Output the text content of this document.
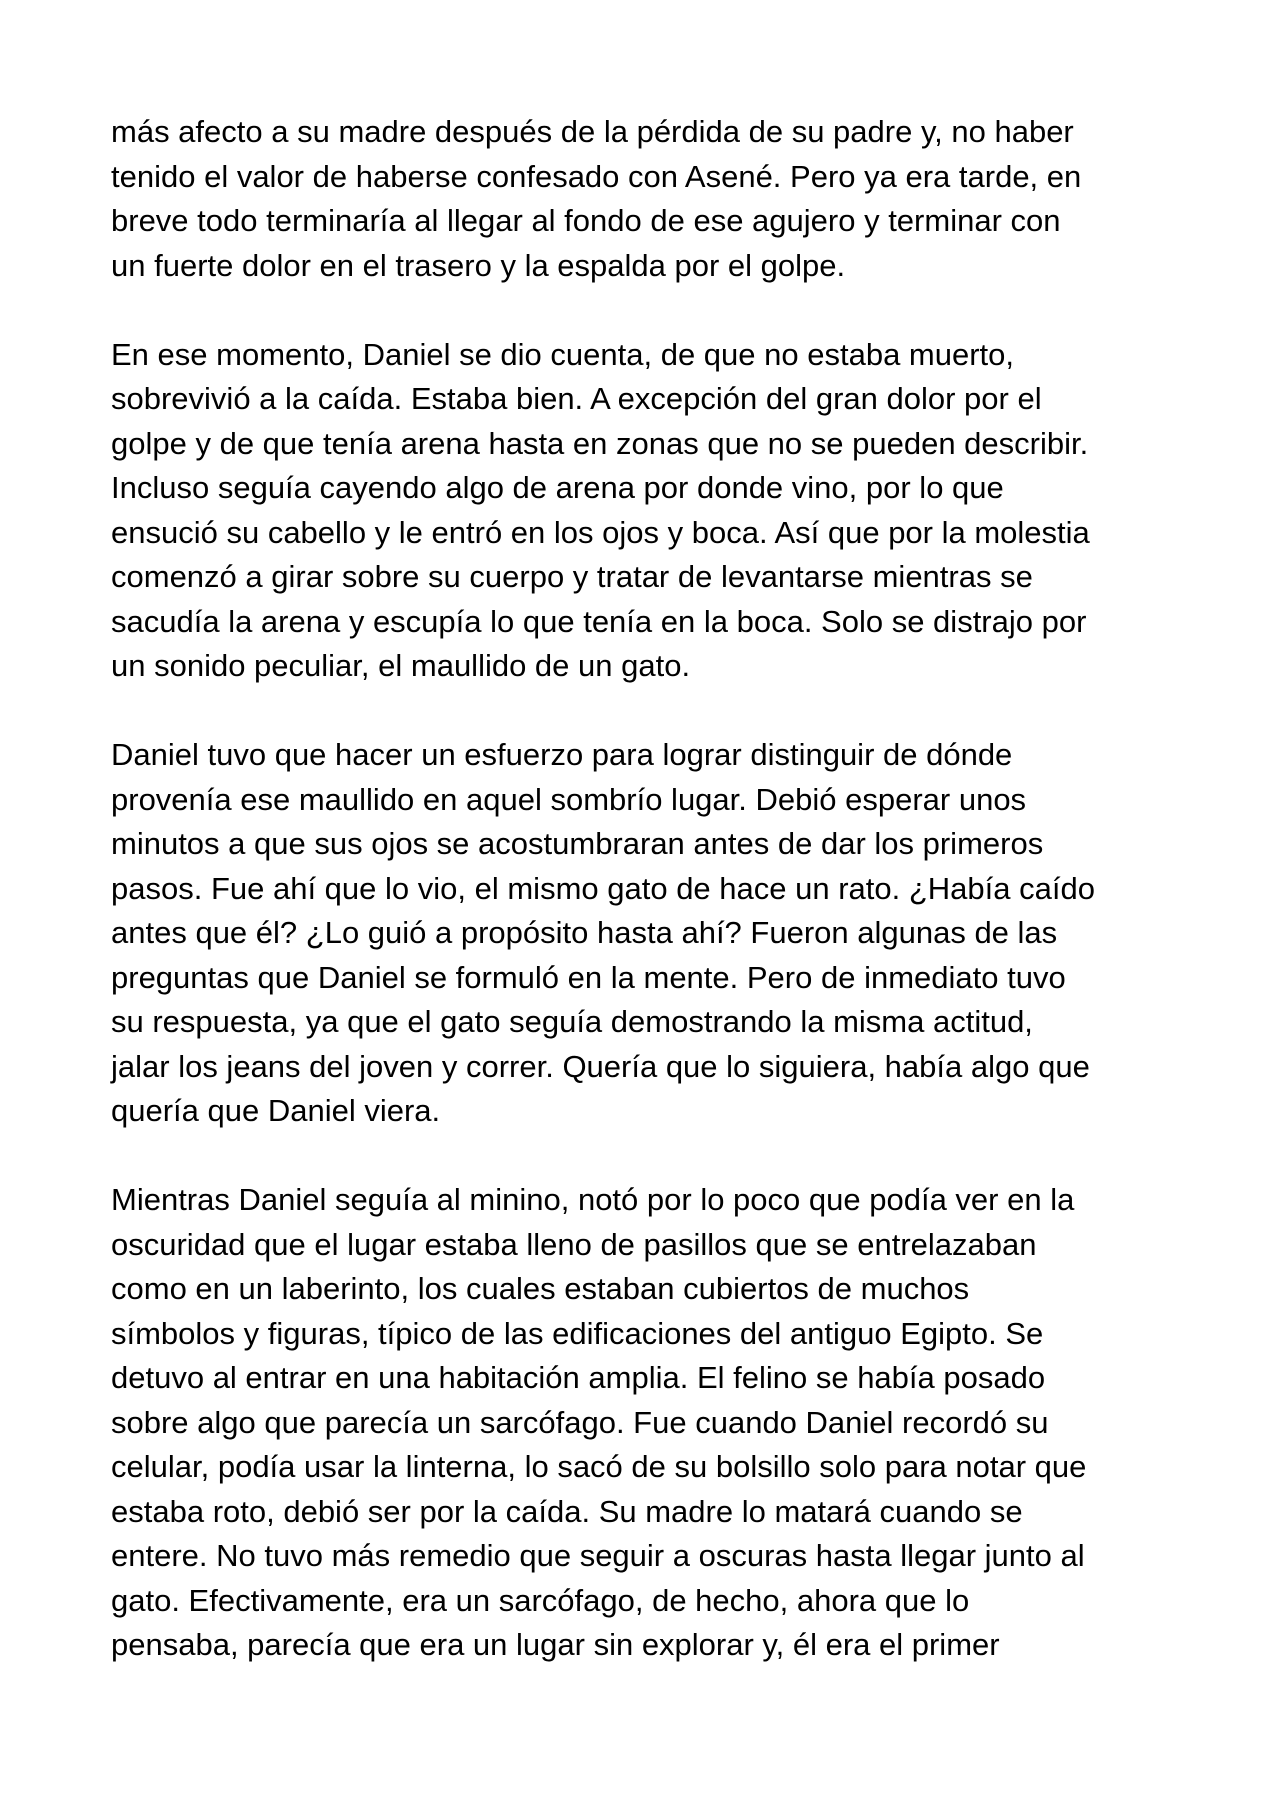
más afecto a su madre después de la pérdida de su padre y, no haber
tenido el valor de haberse confesado con Asené. Pero ya era tarde, en
breve todo terminaría al llegar al fondo de ese agujero y terminar con
un fuerte dolor en el trasero y la espalda por el golpe.

En ese momento, Daniel se dio cuenta, de que no estaba muerto,
sobrevivió a la caída. Estaba bien. A excepción del gran dolor por el
golpe y de que tenía arena hasta en zonas que no se pueden describir.
Incluso seguía cayendo algo de arena por donde vino, por lo que
ensució su cabello y le entró en los ojos y boca. Así que por la molestia
comenzó a girar sobre su cuerpo y tratar de levantarse mientras se
sacudía la arena y escupía lo que tenía en la boca. Solo se distrajo por
un sonido peculiar, el maullido de un gato.

Daniel tuvo que hacer un esfuerzo para lograr distinguir de dónde
provenía ese maullido en aquel sombrío lugar. Debió esperar unos
minutos a que sus ojos se acostumbraran antes de dar los primeros
pasos. Fue ahí que lo vio, el mismo gato de hace un rato. ¿Había caído
antes que él? ¿Lo guió a propósito hasta ahí? Fueron algunas de las
preguntas que Daniel se formuló en la mente. Pero de inmediato tuvo
su respuesta, ya que el gato seguía demostrando la misma actitud,
jalar los jeans del joven y correr. Quería que lo siguiera, había algo que
quería que Daniel viera.

Mientras Daniel seguía al minino, notó por lo poco que podía ver en la
oscuridad que el lugar estaba lleno de pasillos que se entrelazaban
como en un laberinto, los cuales estaban cubiertos de muchos
símbolos y figuras, típico de las edificaciones del antiguo Egipto. Se
detuvo al entrar en una habitación amplia. El felino se había posado
sobre algo que parecía un sarcófago. Fue cuando Daniel recordó su
celular, podía usar la linterna, lo sacó de su bolsillo solo para notar que
estaba roto, debió ser por la caída. Su madre lo matará cuando se
entere. No tuvo más remedio que seguir a oscuras hasta llegar junto al
gato. Efectivamente, era un sarcófago, de hecho, ahora que lo
pensaba, parecía que era un lugar sin explorar y, él era el primer
